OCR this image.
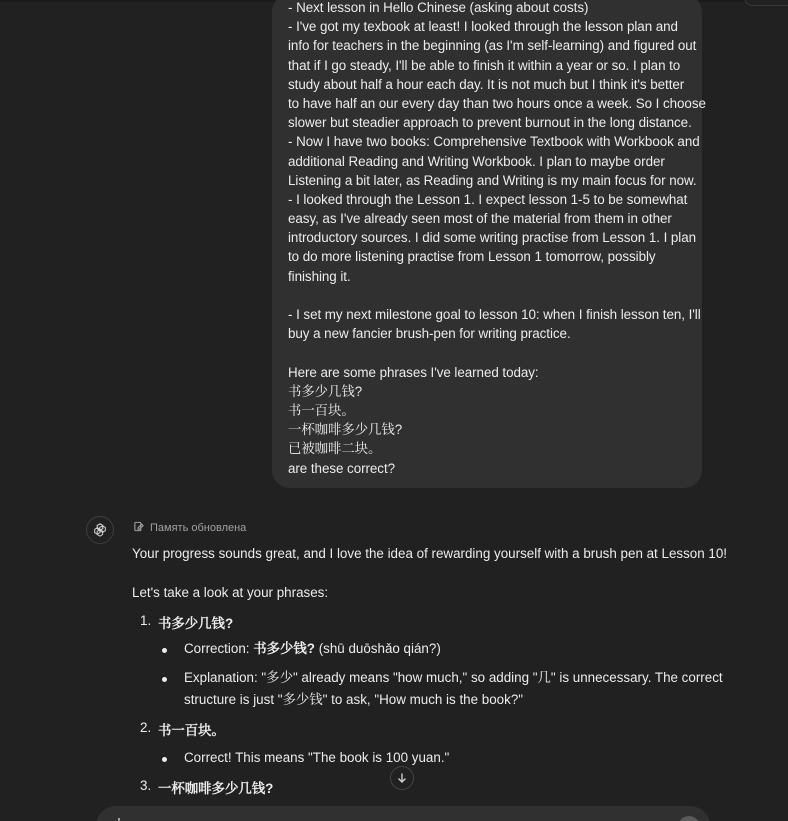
- Next lesson in Hello Chinese (asking about costs)
- I've got my texbook at least! I looked through the lesson plan and
info for teachers in the beginning (as I'm self-learning) and figured out
that if I go steady, I'll be able to finish it within a year or so. I plan to
study about half a hour each day. It is not much but I think it's better
to have half an our every day than two hours once a week. So I choose
slower but steadier approach to prevent burnout in the long distance.
- Now I have two books: Comprehensive Textbook with Workbook and
additional Reading and Writing Workbook. I plan to maybe order
Listening a bit later, as Reading and Writing is my main focus for now.
- I looked through the Lesson 1. I expect lesson 1-5 to be somewhat
easy, as I've already seen most of the material from them in other
introductory sources. I did some writing practise from Lesson 1. I plan
to do more listening practise from Lesson 1 tomorrow, possibly
finishing it.
- I set my next milestone goal to lesson 10: when I finish lesson ten, I'll
buy a new fancier brush-pen for writing practice.
Here are some phrases I've learned today:
书多少几钱?
书一百块。
一杯咖啡多少几钱?
已被咖啡二块。
are these correct?
Память обновлена
Your progress sounds great, and I love the idea of rewarding yourself with a brush pen at Lesson 10!
Let's take a look at your phrases:
1. 书多少几钱?
Correction: 书多少钱? (shū duōshǎo qián?)
Explanation: "多少" already means "how much," so adding "几" is unnecessary. The correct
structure is just "多少钱" to ask, "How much is the book?"
2. 书一百块。
Correct! This means "The book is 100 yuan."
3. 一杯咖啡多少几钱?
